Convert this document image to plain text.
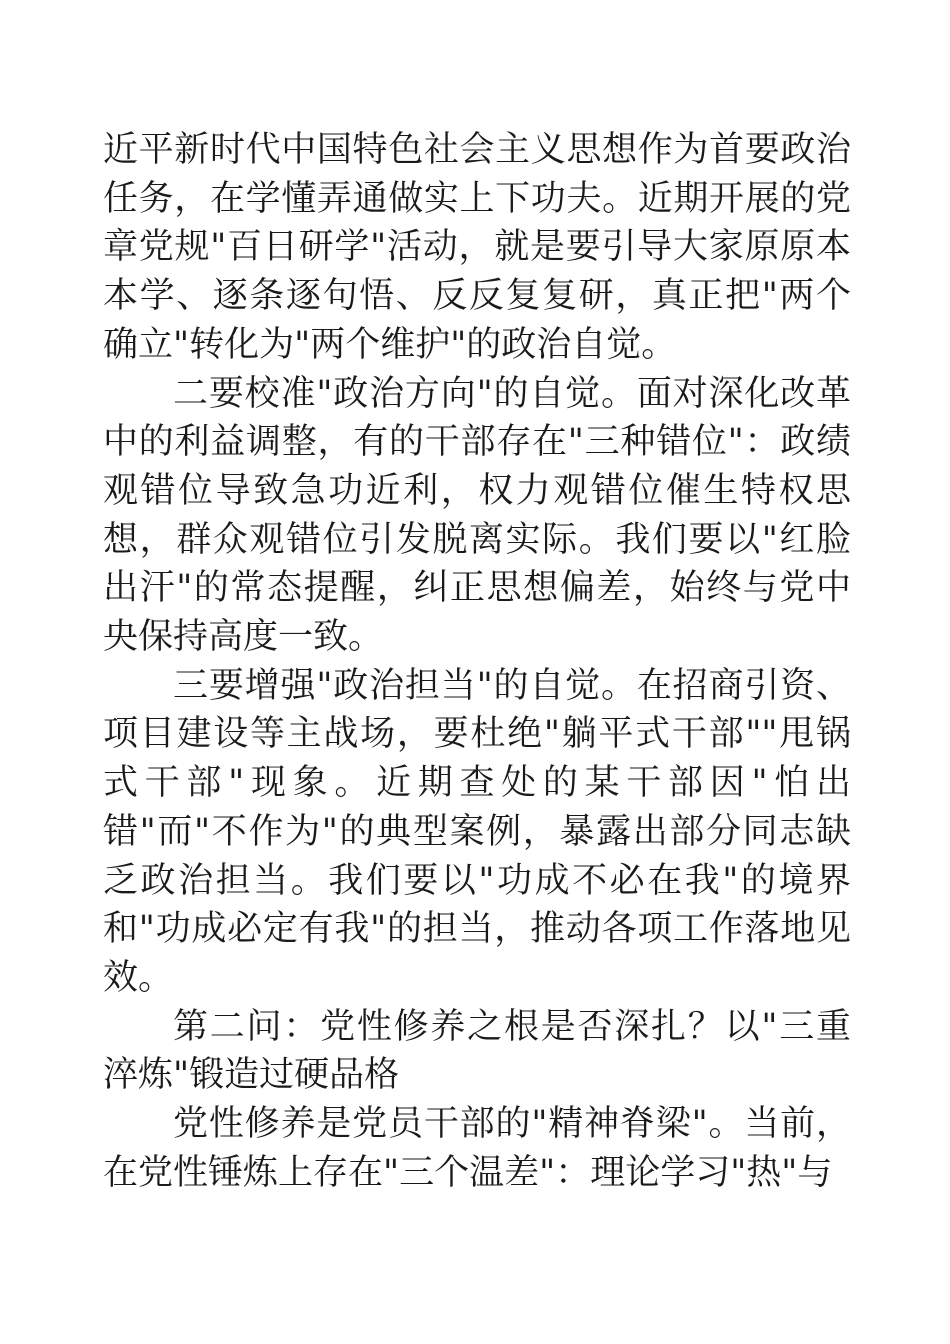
近平新时代中国特色社会主义思想作为首要政治任务，在学懂弄通做实上下功夫。近期开展的党章党规"百日研学"活动，就是要引导大家原原本本学、逐条逐句悟、反反复复研，真正把"两个确立"转化为"两个维护"的政治自觉。

二要校准"政治方向"的自觉。面对深化改革中的利益调整，有的干部存在"三种错位"：政绩观错位导致急功近利，权力观错位催生特权思想，群众观错位引发脱离实际。我们要以"红脸出汗"的常态提醒，纠正思想偏差，始终与党中央保持高度一致。

三要增强"政治担当"的自觉。在招商引资、项目建设等主战场，要杜绝"躺平式干部""甩锅式干部"现象。近期查处的某干部因"怕出错"而"不作为"的典型案例，暴露出部分同志缺乏政治担当。我们要以"功成不必在我"的境界和"功成必定有我"的担当，推动各项工作落地见效。

第二问：党性修养之根是否深扎？以"三重淬炼"锻造过硬品格

党性修养是党员干部的"精神脊梁"。当前，在党性锤炼上存在"三个温差"：理论学习"热"与
